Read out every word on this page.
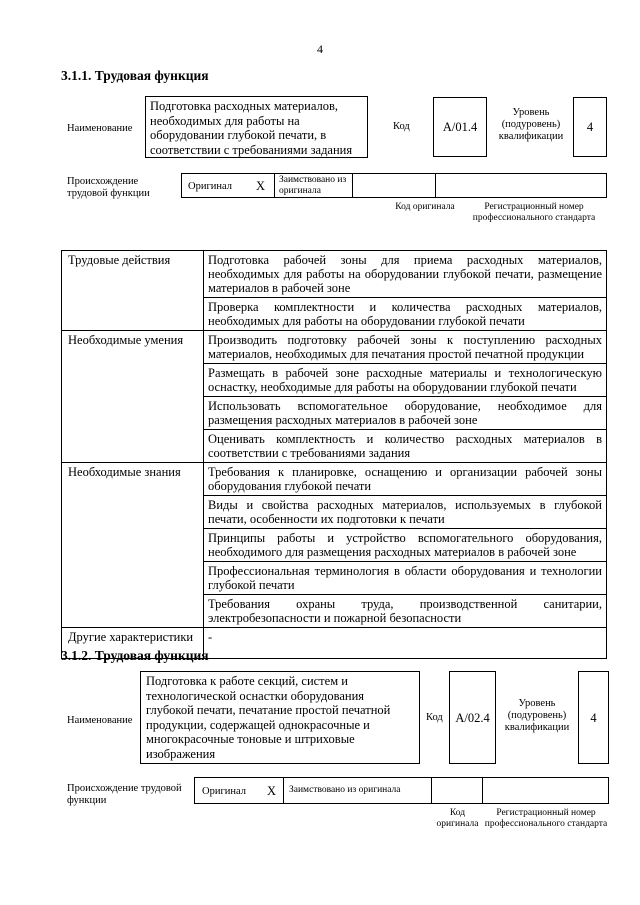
4
3.1.1. Трудовая функция
Наименование
Подготовка расходных материалов, необходимых для работы на оборудовании глубокой печати, в соответствии с требованиями задания
Код	A/01.4
Уровень (подуровень) квалификации
4
Происхождение трудовой функции
Оригинал X Заимствовано из оригинала
Код оригинала	Регистрационный номер профессионального стандарта
Трудовые действия	Подготовка рабочей зоны для приема расходных материалов, необходимых для работы на оборудовании глубокой печати, размещение материалов в рабочей зоне
	Проверка комплектности и количества расходных материалов, необходимых для работы на оборудовании глубокой печати
Необходимые умения	Производить подготовку рабочей зоны к поступлению расходных материалов, необходимых для печатания простой печатной продукции
	Размещать в рабочей зоне расходные материалы и технологическую оснастку, необходимые для работы на оборудовании глубокой печати
	Использовать вспомогательное оборудование, необходимое для размещения расходных материалов в рабочей зоне
	Оценивать комплектность и количество расходных материалов в соответствии с требованиями задания
Необходимые знания	Требования к планировке, оснащению и организации рабочей зоны оборудования глубокой печати
	Виды и свойства расходных материалов, используемых в глубокой печати, особенности их подготовки к печати
	Принципы работы и устройство вспомогательного оборудования, необходимого для размещения расходных материалов в рабочей зоне
	Профессиональная терминология в области оборудования и технологии глубокой печати
	Требования охраны труда, производственной санитарии, электробезопасности и пожарной безопасности
Другие характеристики	-
3.1.2. Трудовая функция
Наименование
Подготовка к работе секций, систем и технологической оснастки оборудования глубокой печати, печатание простой печатной продукции, содержащей однокрасочные и многокрасочные тоновые и штриховые изображения
Код	A/02.4
Уровень (подуровень) квалификации
4
Происхождение трудовой функции
Оригинал X Заимствовано из оригинала
Код оригинала
Регистрационный номер профессионального стандарта
